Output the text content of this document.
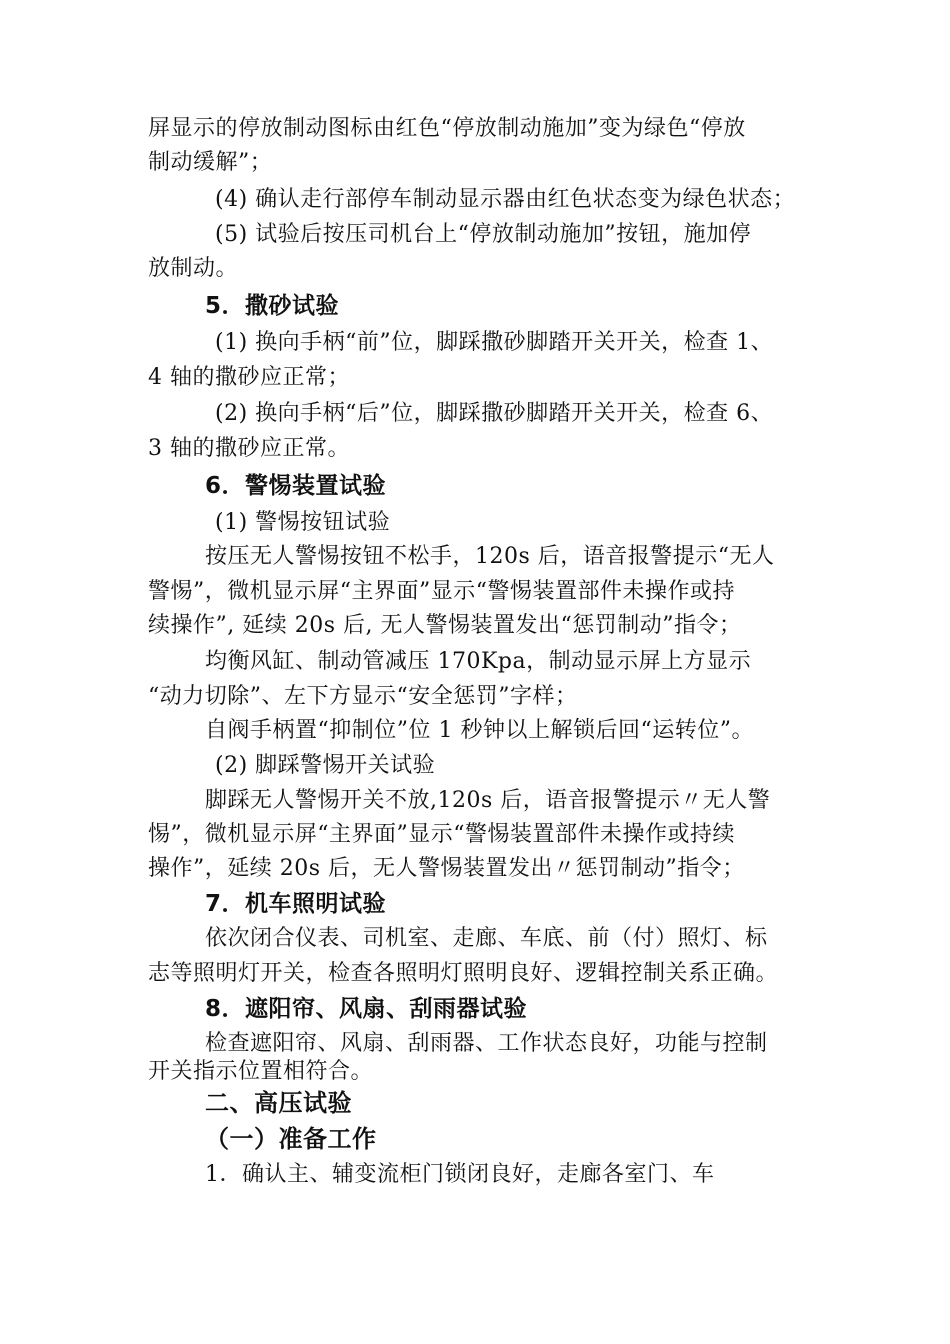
屏显示的停放制动图标由红色“停放制动施加”变为绿色“停放
制动缓解”；
(4) 确认走行部停车制动显示器由红色状态变为绿色状态；
(5) 试验后按压司机台上“停放制动施加”按钮，施加停
放制动。
5．撒砂试验
(1) 换向手柄“前”位，脚踩撒砂脚踏开关开关，检查 1、
4 轴的撒砂应正常；
(2) 换向手柄“后”位，脚踩撒砂脚踏开关开关，检查 6、
3 轴的撒砂应正常。
6．警惕装置试验
(1) 警惕按钮试验
按压无人警惕按钮不松手，120s 后，语音报警提示“无人
警惕”，微机显示屏“主界面”显示“警惕装置部件未操作或持
续操作”, 延续 20s 后, 无人警惕装置发出“惩罚制动”指令；
均衡风缸、制动管减压 170Kpa，制动显示屏上方显示
“动力切除”、左下方显示“安全惩罚”字样；
自阀手柄置“抑制位”位 1 秒钟以上解锁后回“运转位”。
(2) 脚踩警惕开关试验
脚踩无人警惕开关不放,120s 后，语音报警提示〃无人警
惕”，微机显示屏“主界面”显示“警惕装置部件未操作或持续
操作”，延续 20s 后，无人警惕装置发出〃惩罚制动”指令；
7．机车照明试验
依次闭合仪表、司机室、走廊、车底、前（付）照灯、标
志等照明灯开关，检查各照明灯照明良好、逻辑控制关系正确。
8．遮阳帘、风扇、刮雨器试验
检查遮阳帘、风扇、刮雨器、工作状态良好，功能与控制
开关指示位置相符合。
二、高压试验
（一）准备工作
1．确认主、辅变流柜门锁闭良好，走廊各室门、车
